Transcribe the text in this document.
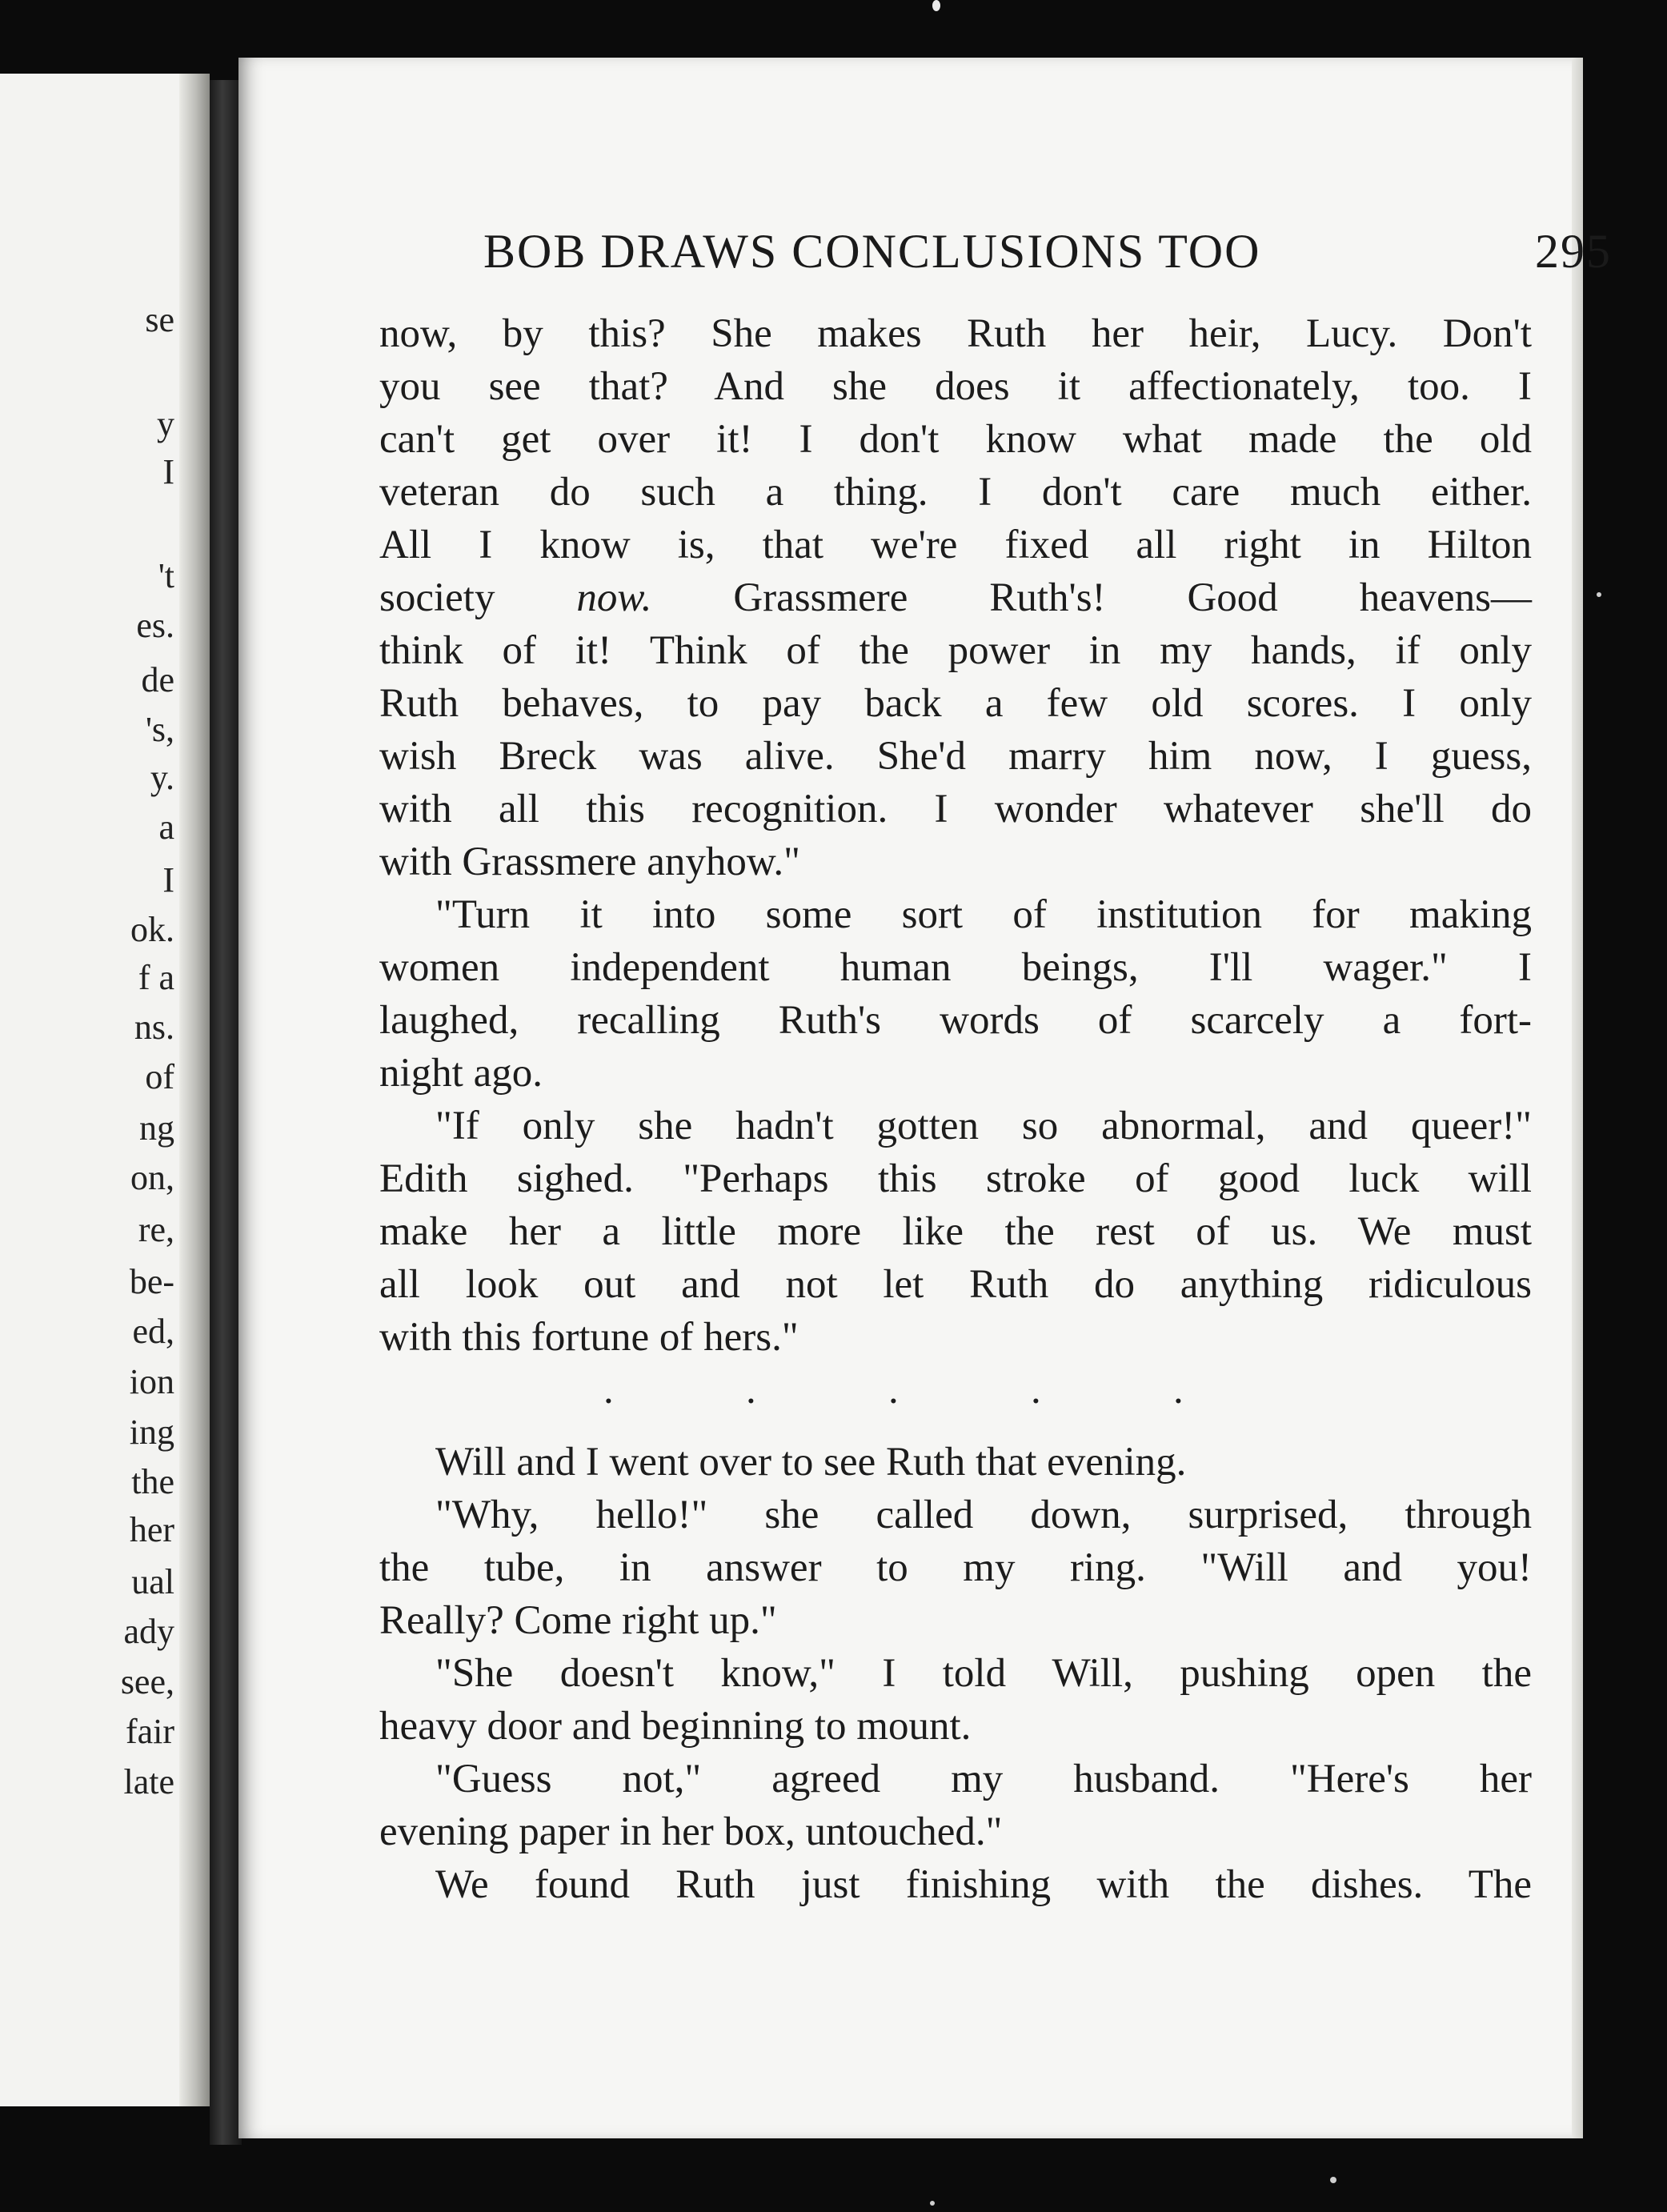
se
y
I
't
es.
de
's,
y.
a
I
ok.
f a
ns.
of
ng
on,
re,
be-
ed,
ion
ing
the
her
ual
ady
see,
fair
late
BOB DRAWS CONCLUSIONS TOO	295
now, by this? She makes Ruth her heir, Lucy. Don't
you see that? And she does it affectionately, too. I
can't get over it! I don't know what made the old
veteran do such a thing. I don't care much either.
All I know is, that we're fixed all right in Hilton
society now. Grassmere Ruth's! Good heavens—
think of it! Think of the power in my hands, if only
Ruth behaves, to pay back a few old scores. I only
wish Breck was alive. She'd marry him now, I guess,
with all this recognition. I wonder whatever she'll do
with Grassmere anyhow."
"Turn it into some sort of institution for making
women independent human beings, I'll wager." I
laughed, recalling Ruth's words of scarcely a fort-
night ago.
"If only she hadn't gotten so abnormal, and queer!"
Edith sighed. "Perhaps this stroke of good luck will
make her a little more like the rest of us. We must
all look out and not let Ruth do anything ridiculous
with this fortune of hers."
.	.	.	.	.
Will and I went over to see Ruth that evening.
"Why, hello!" she called down, surprised, through
the tube, in answer to my ring. "Will and you!
Really? Come right up."
"She doesn't know," I told Will, pushing open the
heavy door and beginning to mount.
"Guess not," agreed my husband. "Here's her
evening paper in her box, untouched."
We found Ruth just finishing with the dishes. The
